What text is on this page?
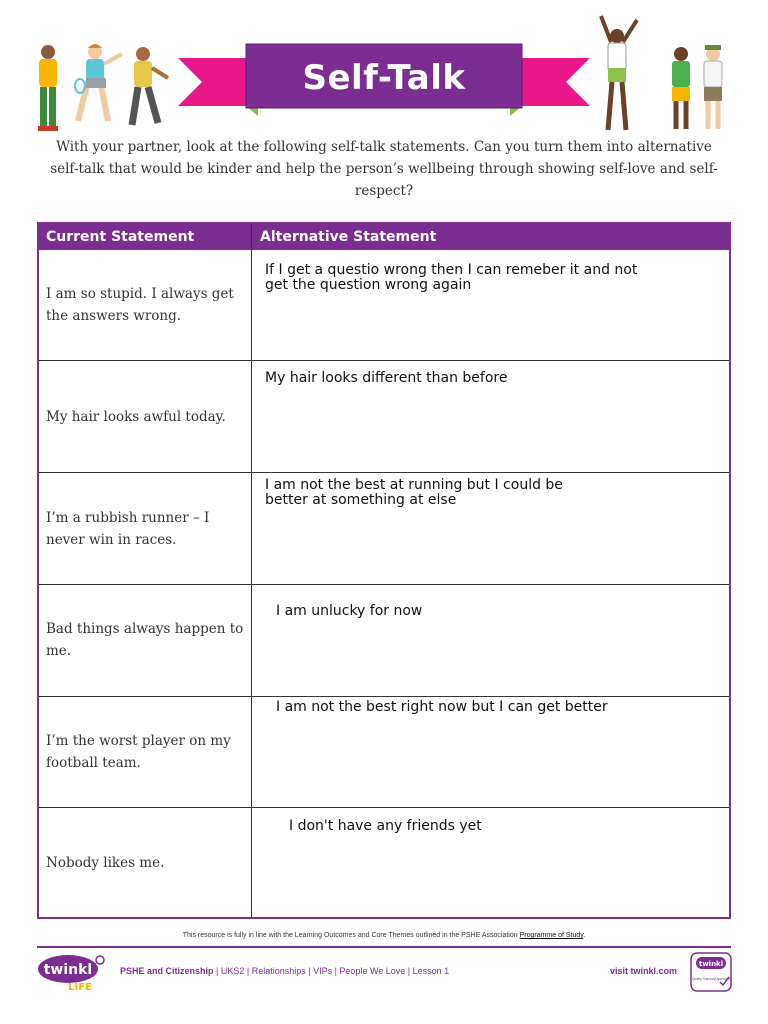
Self-Talk

With your partner, look at the following self-talk statements. Can you turn them into alternative self-talk that would be kinder and help the person’s wellbeing through showing self-love and self-respect?

Current Statement	Alternative Statement
I am so stupid. I always get the answers wrong.
If I get a questio wrong then I can remeber it and not get the question wrong again
My hair looks awful today.
My hair looks different than before
I’m a rubbish runner – I never win in races.
I am not the best at running but I could be better at something at else
Bad things always happen to me.
I am unlucky for now
I’m the worst player on my football team.
I am not the best right now but I can get better
Nobody likes me.
I don't have any friends yet
This resource is fully in line with the Learning Outcomes and Core Themes outlined in the PSHE Association Programme of Study.
twinkl
LIFE
PSHE and Citizenship | UKS2 | Relationships | VIPs | People We Love | Lesson 1	visit twinkl.com
twinkl
Quality Standard Approved
